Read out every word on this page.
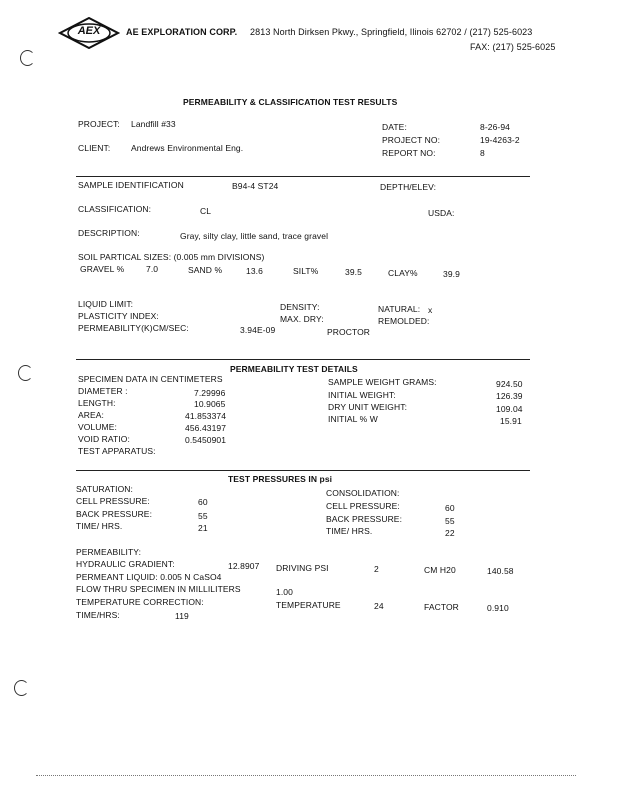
AEX	AE EXPLORATION CORP. 2813 North Dirksen Pkwy., Springfield, Ilinois 62702 / (217) 525-6023
FAX: (217) 525-6025
PERMEABILITY & CLASSIFICATION TEST RESULTS
PROJECT: Landfill #33
CLIENT: Andrews Environmental Eng.
DATE:	8-26-94
PROJECT NO:	19-4263-2
REPORT NO:	8
SAMPLE IDENTIFICATION	B94-4 ST24	DEPTH/ELEV:
CLASSIFICATION:	CL	USDA:
DESCRIPTION:	Gray, silty clay, little sand, trace gravel
SOIL PARTICAL SIZES: (0.005 mm DIVISIONS)
GRAVEL %	7.0	SAND %	13.6	SILT%	39.5	CLAY%	39.9
LIQUID LIMIT:
PLASTICITY INDEX:
PERMEABILITY(K)CM/SEC:	3.94E-09
DENSITY:
MAX. DRY:
PROCTOR
NATURAL: x
REMOLDED:
PERMEABILITY TEST DETAILS
SPECIMEN DATA IN CENTIMETERS
DIAMETER :	7.29996
LENGTH:	10.9065
AREA:	41.853374
VOLUME:	456.43197
VOID RATIO:	0.5450901
TEST APPARATUS:
SAMPLE WEIGHT GRAMS:	924.50
INITIAL WEIGHT:	126.39
DRY UNIT WEIGHT:	109.04
INITIAL % W	15.91
TEST PRESSURES IN psi
SATURATION:
CELL PRESSURE:	60
BACK PRESSURE:	55
TIME/ HRS.	21
CONSOLIDATION:
CELL PRESSURE:	60
BACK PRESSURE:	55
TIME/ HRS.	22
PERMEABILITY:
HYDRAULIC GRADIENT:	12.8907 DRIVING PSI	2	CM H20	140.58
PERMEANT LIQUID: 0.005 N CaSO4
FLOW THRU SPECIMEN IN MILLILITERS	1.00
TEMPERATURE CORRECTION:	TEMPERATURE	24	FACTOR	0.910
TIME/HRS:	119
